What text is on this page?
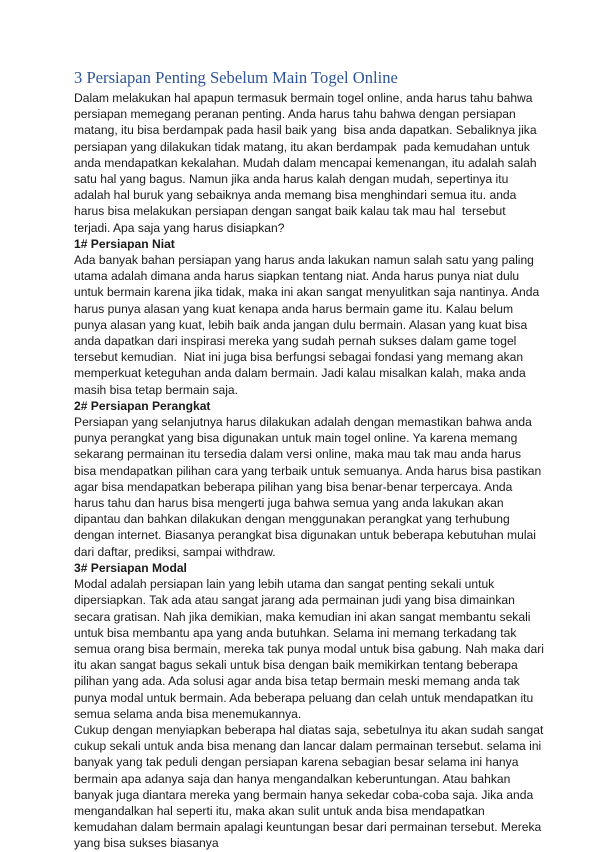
3 Persiapan Penting Sebelum Main Togel Online

Dalam melakukan hal apapun termasuk bermain togel online, anda harus tahu bahwa persiapan memegang peranan penting. Anda harus tahu bahwa dengan persiapan matang, itu bisa berdampak pada hasil baik yang  bisa anda dapatkan. Sebaliknya jika persiapan yang dilakukan tidak matang, itu akan berdampak  pada kemudahan untuk anda mendapatkan kekalahan. Mudah dalam mencapai kemenangan, itu adalah salah satu hal yang bagus. Namun jika anda harus kalah dengan mudah, sepertinya itu adalah hal buruk yang sebaiknya anda memang bisa menghindari semua itu. anda harus bisa melakukan persiapan dengan sangat baik kalau tak mau hal  tersebut terjadi. Apa saja yang harus disiapkan?

1# Persiapan Niat

Ada banyak bahan persiapan yang harus anda lakukan namun salah satu yang paling utama adalah dimana anda harus siapkan tentang niat. Anda harus punya niat dulu untuk bermain karena jika tidak, maka ini akan sangat menyulitkan saja nantinya. Anda harus punya alasan yang kuat kenapa anda harus bermain game itu. Kalau belum punya alasan yang kuat, lebih baik anda jangan dulu bermain. Alasan yang kuat bisa anda dapatkan dari inspirasi mereka yang sudah pernah sukses dalam game togel tersebut kemudian.  Niat ini juga bisa berfungsi sebagai fondasi yang memang akan memperkuat keteguhan anda dalam bermain. Jadi kalau misalkan kalah, maka anda masih bisa tetap bermain saja.

2# Persiapan Perangkat

Persiapan yang selanjutnya harus dilakukan adalah dengan memastikan bahwa anda punya perangkat yang bisa digunakan untuk main togel online. Ya karena memang sekarang permainan itu tersedia dalam versi online, maka mau tak mau anda harus bisa mendapatkan pilihan cara yang terbaik untuk semuanya. Anda harus bisa pastikan agar bisa mendapatkan beberapa pilihan yang bisa benar-benar terpercaya. Anda harus tahu dan harus bisa mengerti juga bahwa semua yang anda lakukan akan dipantau dan bahkan dilakukan dengan menggunakan perangkat yang terhubung dengan internet. Biasanya perangkat bisa digunakan untuk beberapa kebutuhan mulai dari daftar, prediksi, sampai withdraw.

3# Persiapan Modal

Modal adalah persiapan lain yang lebih utama dan sangat penting sekali untuk dipersiapkan. Tak ada atau sangat jarang ada permainan judi yang bisa dimainkan secara gratisan. Nah jika demikian, maka kemudian ini akan sangat membantu sekali untuk bisa membantu apa yang anda butuhkan. Selama ini memang terkadang tak semua orang bisa bermain, mereka tak punya modal untuk bisa gabung. Nah maka dari itu akan sangat bagus sekali untuk bisa dengan baik memikirkan tentang beberapa pilihan yang ada. Ada solusi agar anda bisa tetap bermain meski memang anda tak punya modal untuk bermain. Ada beberapa peluang dan celah untuk mendapatkan itu semua selama anda bisa menemukannya.

Cukup dengan menyiapkan beberapa hal diatas saja, sebetulnya itu akan sudah sangat cukup sekali untuk anda bisa menang dan lancar dalam permainan tersebut. selama ini banyak yang tak peduli dengan persiapan karena sebagian besar selama ini hanya bermain apa adanya saja dan hanya mengandalkan keberuntungan. Atau bahkan banyak juga diantara mereka yang bermain hanya sekedar coba-coba saja. Jika anda mengandalkan hal seperti itu, maka akan sulit untuk anda bisa mendapatkan kemudahan dalam bermain apalagi keuntungan besar dari permainan tersebut. Mereka yang bisa sukses biasanya
